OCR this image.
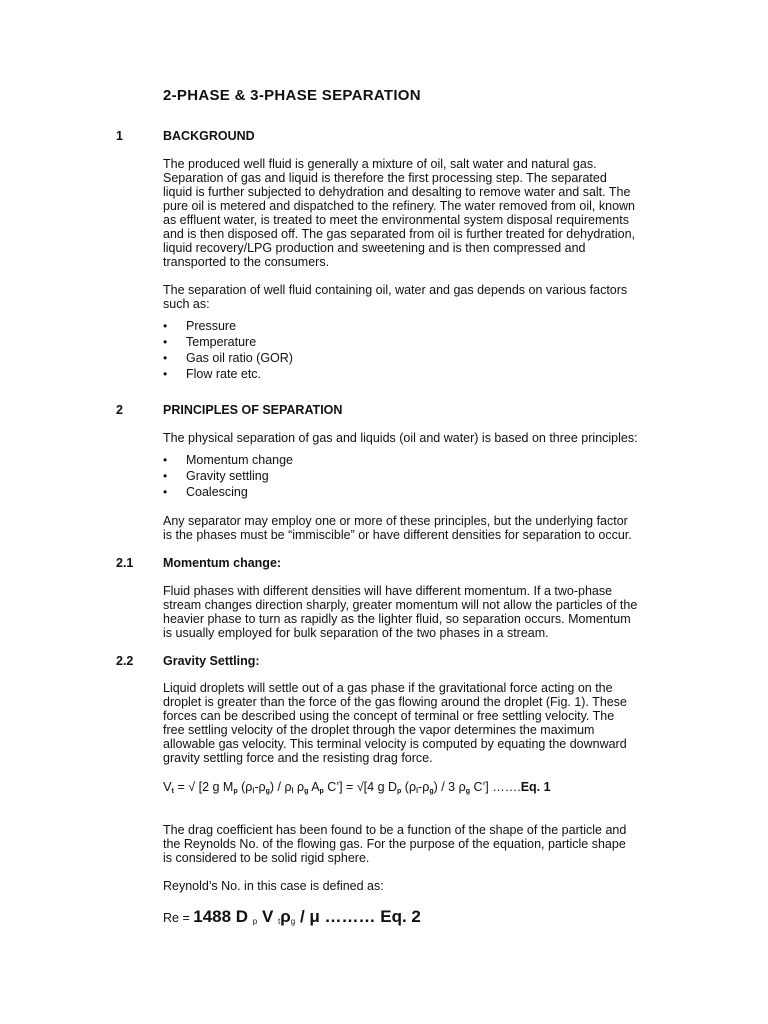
2-PHASE & 3-PHASE SEPARATION
1	BACKGROUND

The produced well fluid is generally a mixture of oil, salt water and natural gas.
Separation of gas and liquid is therefore the first processing step. The separated
liquid is further subjected to dehydration and desalting to remove water and salt. The
pure oil is metered and dispatched to the refinery. The water removed from oil, known
as effluent water, is treated to meet the environmental system disposal requirements
and is then disposed off. The gas separated from oil is further treated for dehydration,
liquid recovery/LPG production and sweetening and is then compressed and
transported to the consumers.

The separation of well fluid containing oil, water and gas depends on various factors
such as:

• Pressure
• Temperature
• Gas oil ratio (GOR)
• Flow rate etc.
2	PRINCIPLES OF SEPARATION

The physical separation of gas and liquids (oil and water) is based on three principles:

• Momentum change
• Gravity settling
• Coalescing

Any separator may employ one or more of these principles, but the underlying factor
is the phases must be “immiscible” or have different densities for separation to occur.

2.1 Momentum change:

Fluid phases with different densities will have different momentum. If a two-phase
stream changes direction sharply, greater momentum will not allow the particles of the
heavier phase to turn as rapidly as the lighter fluid, so separation occurs. Momentum
is usually employed for bulk separation of the two phases in a stream.

2.2 Gravity Settling:

Liquid droplets will settle out of a gas phase if the gravitational force acting on the
droplet is greater than the force of the gas flowing around the droplet (Fig. 1). These
forces can be described using the concept of terminal or free settling velocity. The
free settling velocity of the droplet through the vapor determines the maximum
allowable gas velocity. This terminal velocity is computed by equating the downward
gravity settling force and the resisting drag force.

$V_t$ = √ [2 g $M_p$ $(\rho_l-\rho_g) / \rho_l$ $\rho_g$ $A_p$ C’] = √[4 g $D_p$ $(\rho_l-\rho_g) / 3$ $\rho_g$ C’] …….Eq. 1

The drag coefficient has been found to be a function of the shape of the particle and
the Reynolds No. of the flowing gas. For the purpose of the equation, particle shape
is considered to be solid rigid sphere.

Reynold’s No. in this case is defined as:

Re = 1488 D $_p$ V $_t\rho_g$ / μ ……… Eq. 2
